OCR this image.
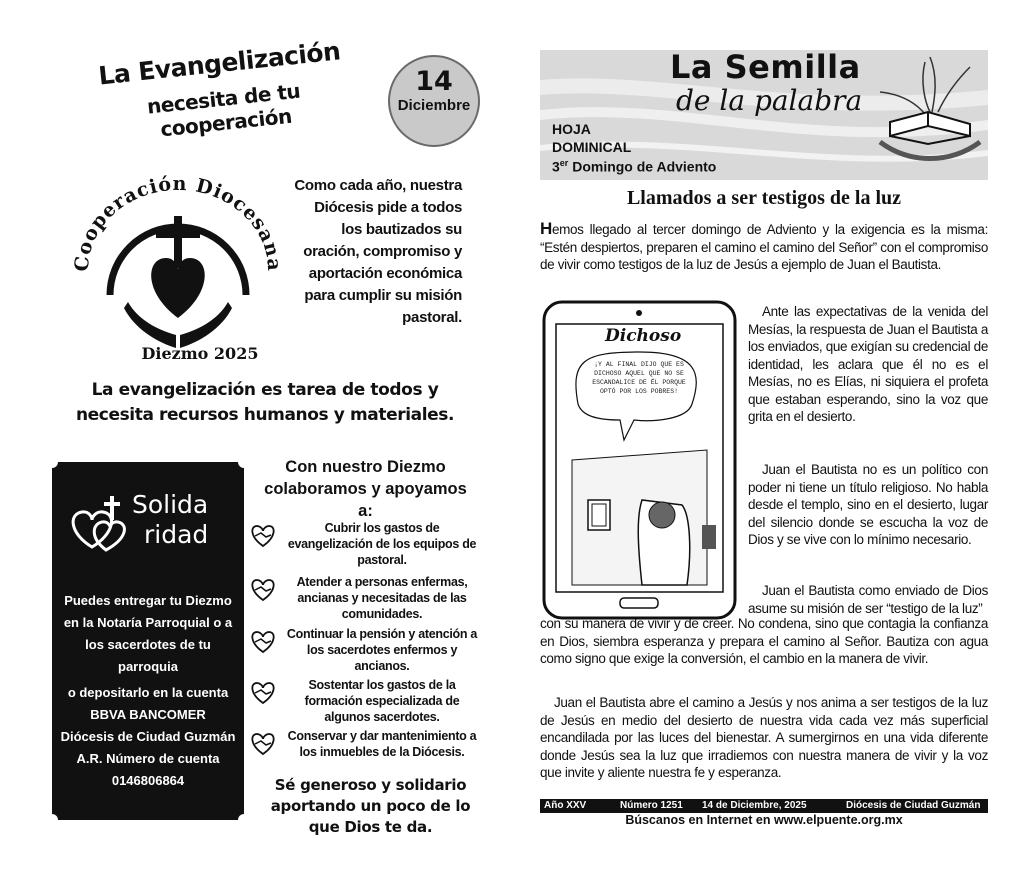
La Evangelización
necesita de tu cooperación
14
Diciembre
Cooperación Diocesana
Diezmo 2025
Como cada año, nuestra Diócesis pide a todos los bautizados su oración, compromiso y aportación económica para cumplir su misión pastoral.
La evangelización es tarea de todos y necesita recursos humanos y materiales.
Solida
ridad
Puedes entregar tu Diezmo en la Notaría Parroquial o a los sacerdotes de tu parroquia
o depositarlo en la cuenta
BBVA BANCOMER
Diócesis de Ciudad Guzmán
A.R. Número de cuenta
0146806864
Con nuestro Diezmo colaboramos y apoyamos a:
Cubrir los gastos de evangelización de los equipos de pastoral.
Atender a personas enfermas, ancianas y necesitadas de las comunidades.
Continuar la pensión y atención a los sacerdotes enfermos y ancianos.
Sostentar los gastos de la formación especializada de algunos sacerdotes.
Conservar y dar mantenimiento a los inmuebles de la Diócesis.
Sé generoso y solidario aportando un poco de lo que Dios te da.
La Semilla
de la palabra
HOJA
DOMINICAL
3er Domingo de Adviento
Llamados a ser testigos de la luz
Hemos llegado al tercer domingo de Adviento y la exigencia es la misma: “Estén despiertos, preparen el camino el camino del Señor” con el compromiso de vivir como testigos de la luz de Jesús a ejemplo de Juan el Bautista.
Dichoso
¡Y AL FINAL DIJO QUE ES DICHOSO AQUEL QUE NO SE ESCANDALICE DE ÉL PORQUE OPTÓ POR LOS POBRES!
Ante las expectativas de la venida del Mesías, la respuesta de Juan el Bautista a los enviados, que exigían su credencial de identidad, les aclara que él no es el Mesías, no es Elías, ni siquiera el profeta que estaban esperando, sino la voz que grita en el desierto.
Juan el Bautista no es un político con poder ni tiene un título religioso. No habla desde el templo, sino en el desierto, lugar del silencio donde se escucha la voz de Dios y se vive con lo mínimo necesario.
Juan el Bautista como enviado de Dios asume su misión de ser “testigo de la luz”
con su manera de vivir y de creer. No condena, sino que contagia la confianza en Dios, siembra esperanza y prepara el camino al Señor. Bautiza con agua como signo que exige la conversión, el cambio en la manera de vivir.
Juan el Bautista abre el camino a Jesús y nos anima a ser testigos de la luz de Jesús en medio del desierto de nuestra vida cada vez más superficial encandilada por las luces del bienestar. A sumergirnos en una vida diferente donde Jesús sea la luz que irradiemos con nuestra manera de vivir y la voz que invite y aliente nuestra fe y esperanza.
Año XXV	Número 1251 14 de Diciembre, 2025	Diócesis de Ciudad Guzmán
Búscanos en Internet en www.elpuente.org.mx
